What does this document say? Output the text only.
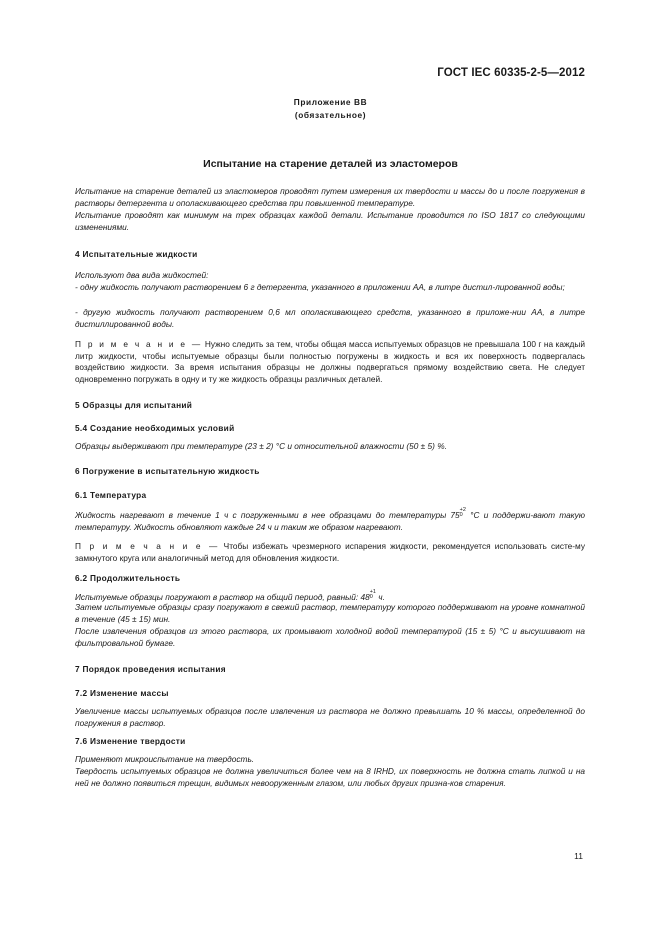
ГОСТ IEC 60335-2-5—2012
Приложение ВВ
(обязательное)
Испытание на старение деталей из эластомеров

Испытание на старение деталей из эластомеров проводят путем измерения их твердости и массы до и после погружения в растворы детергента и ополаскивающего средства при повышенной температуре.

Испытание проводят как минимум на трех образцах каждой детали. Испытание проводится по ISO 1817 со следующими изменениями.

4 Испытательные жидкости

Используют два вида жидкостей:

- одну жидкость получают растворением 6 г детергента, указанного в приложении АА, в литре дистил-лированной воды;

- другую жидкость получают растворением 0,6 мл ополаскивающего средств, указанного в приложе-нии АА, в литре дистиллированной воды.

П р и м е ч а н и е — Нужно следить за тем, чтобы общая масса испытуемых образцов не превышала 100 г на каждый литр жидкости, чтобы испытуемые образцы были полностью погружены в жидкость и вся их поверхность подвергалась воздействию жидкости. За время испытания образцы не должны подвергаться прямому воздействию света. Не следует одновременно погружать в одну и ту же жидкость образцы различных деталей.

5 Образцы для испытаний
5.4 Создание необходимых условий

Образцы выдерживают при температуре (23 ± 2) °С и относительной влажности (50 ± 5) %.

6 Погружение в испытательную жидкость
6.1 Температура

Жидкость нагревают в течение 1 ч с погруженными в нее образцами до температуры 75+2
0 °С и поддержи-вают такую температуру. Жидкость обновляют каждые 24 ч и таким же образом нагревают.

П р и м е ч а н и е — Чтобы избежать чрезмерного испарения жидкости, рекомендуется использовать систе-му замкнутого круга или аналогичный метод для обновления жидкости.

6.2 Продолжительность

Испытуемые образцы погружают в раствор на общий период, равный: 48+1
0 ч.

Затем испытуемые образцы сразу погружают в свежий раствор, температуру которого поддерживают на уровне комнатной в течение (45 ± 15) мин.

После извлечения образцов из этого раствора, их промывают холодной водой температурой (15 ± 5) °С и высушивают на фильтровальной бумаге.

7 Порядок проведения испытания
7.2 Изменение массы

Увеличение массы испытуемых образцов после извлечения из раствора не должно превышать 10 % массы, определенной до погружения в раствор.

7.6 Изменение твердости

Применяют микроиспытание на твердость.

Твердость испытуемых образцов не должна увеличиться более чем на 8 IRHD, их поверхность не должна стать липкой и на ней не должно появиться трещин, видимых невооруженным глазом, или любых других призна-ков старения.

11
